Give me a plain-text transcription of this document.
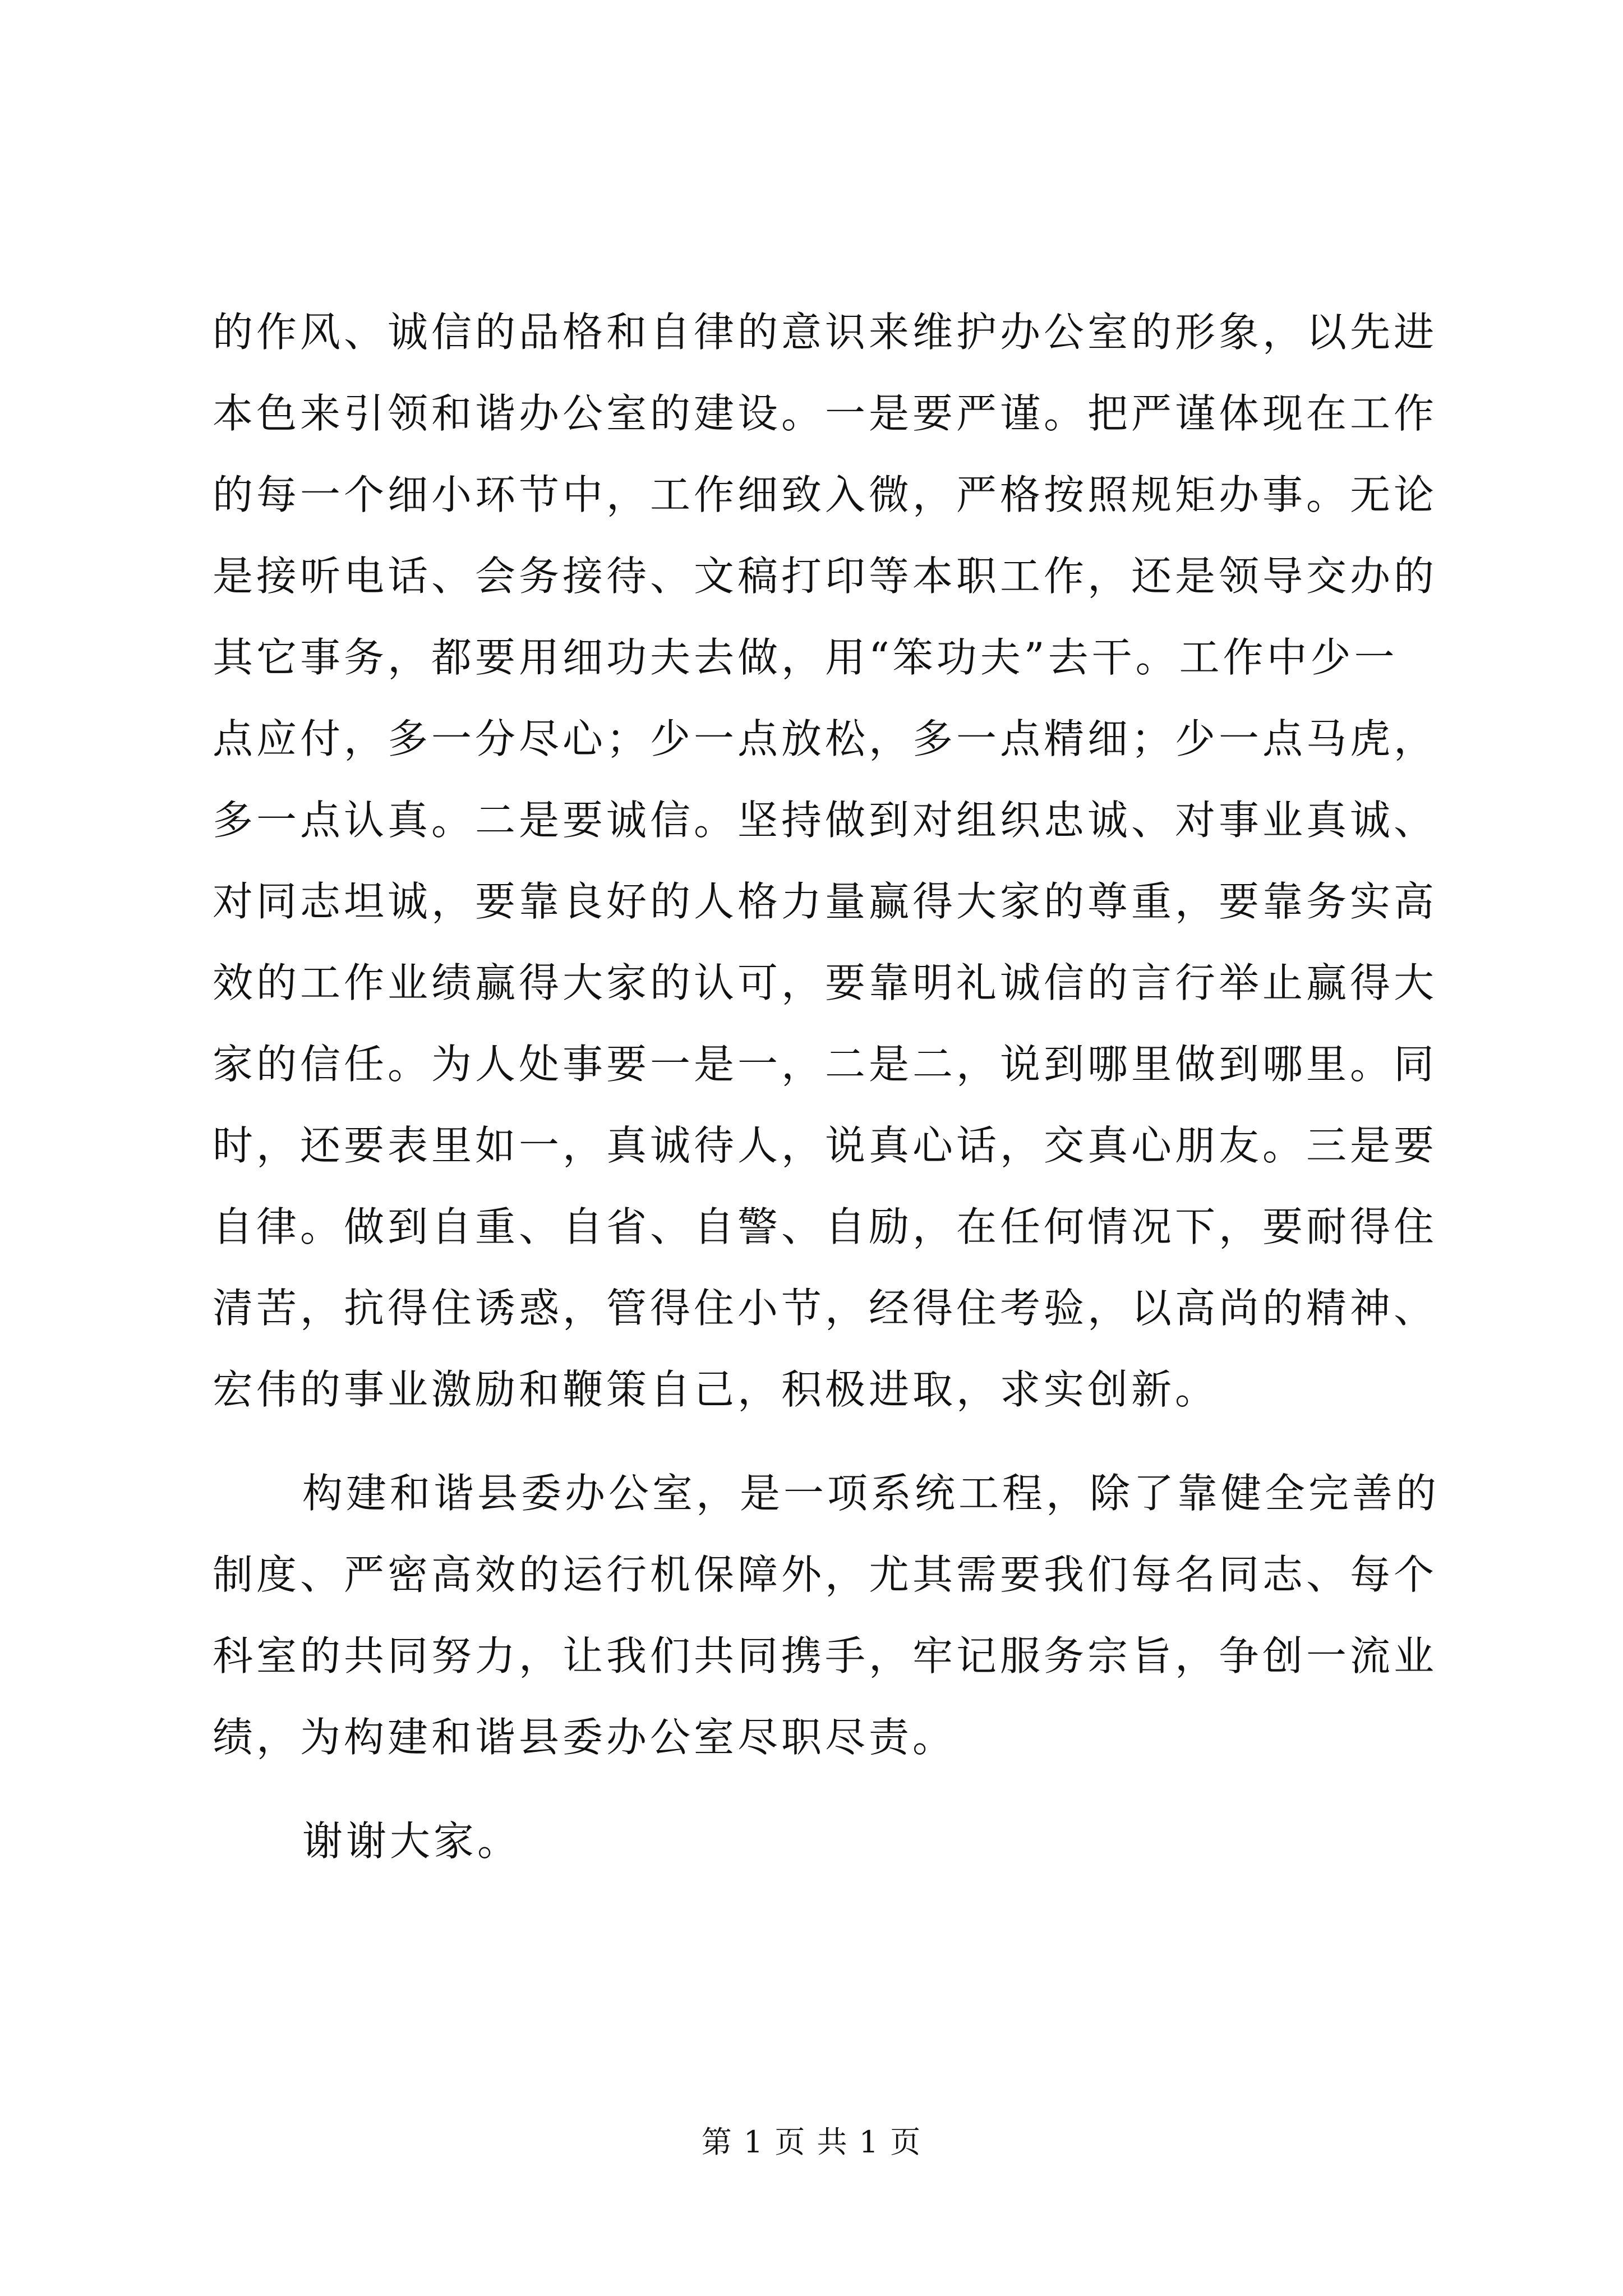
的作风、诚信的品格和自律的意识来维护办公室的形象，以先进
本色来引领和谐办公室的建设。一是要严谨。把严谨体现在工作
的每一个细小环节中，工作细致入微，严格按照规矩办事。无论
是接听电话、会务接待、文稿打印等本职工作，还是领导交办的
其它事务，都要用细功夫去做，用“笨功夫”去干。工作中少一
点应付，多一分尽心；少一点放松，多一点精细；少一点马虎，
多一点认真。二是要诚信。坚持做到对组织忠诚、对事业真诚、
对同志坦诚，要靠良好的人格力量赢得大家的尊重，要靠务实高
效的工作业绩赢得大家的认可，要靠明礼诚信的言行举止赢得大
家的信任。为人处事要一是一，二是二，说到哪里做到哪里。同
时，还要表里如一，真诚待人，说真心话，交真心朋友。三是要
自律。做到自重、自省、自警、自励，在任何情况下，要耐得住
清苦，抗得住诱惑，管得住小节，经得住考验，以高尚的精神、
宏伟的事业激励和鞭策自己，积极进取，求实创新。
构建和谐县委办公室，是一项系统工程，除了靠健全完善的
制度、严密高效的运行机保障外，尤其需要我们每名同志、每个
科室的共同努力，让我们共同携手，牢记服务宗旨，争创一流业
绩，为构建和谐县委办公室尽职尽责。
谢谢大家。
第 1 页 共 1 页
